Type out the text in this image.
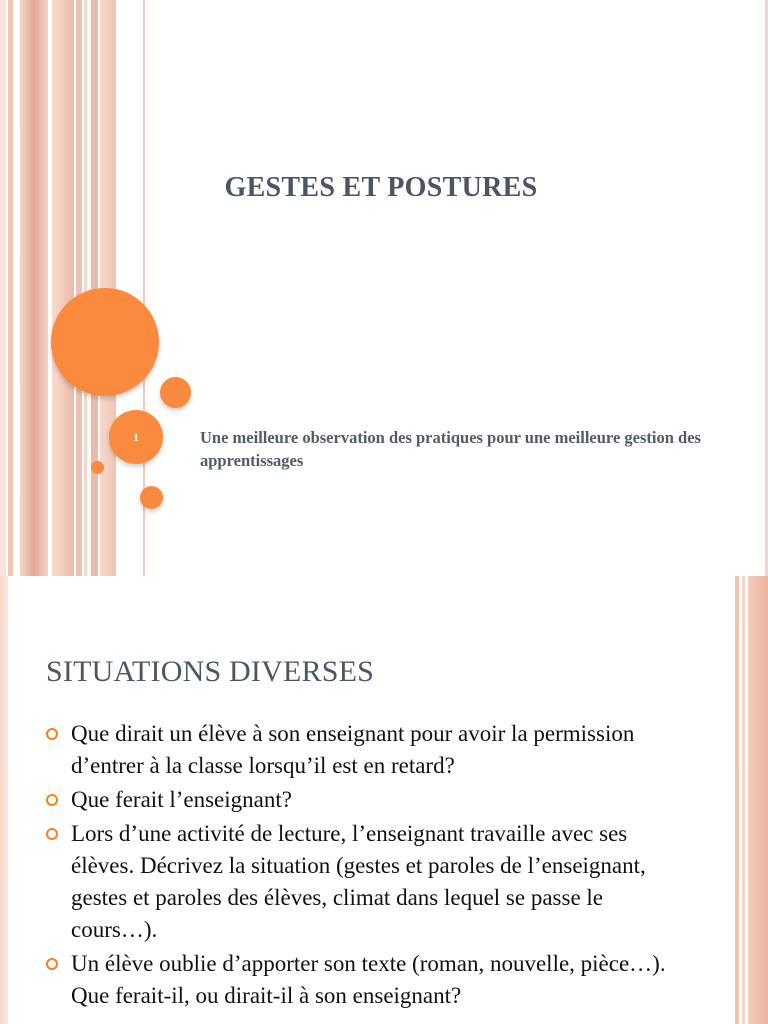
1
GESTES ET POSTURES
Une meilleure observation des pratiques pour une meilleure gestion des apprentissages
SITUATIONS DIVERSES
Que dirait un élève à son enseignant pour avoir la permission d’entrer à la classe lorsqu’il est en retard?
Que ferait l’enseignant?
Lors d’une activité de lecture, l’enseignant travaille avec ses élèves. Décrivez la situation (gestes et paroles de l’enseignant, gestes et paroles des élèves, climat dans lequel se passe le cours…).
Un élève oublie d’apporter son texte (roman, nouvelle, pièce…). Que ferait-il, ou dirait-il à son enseignant?
